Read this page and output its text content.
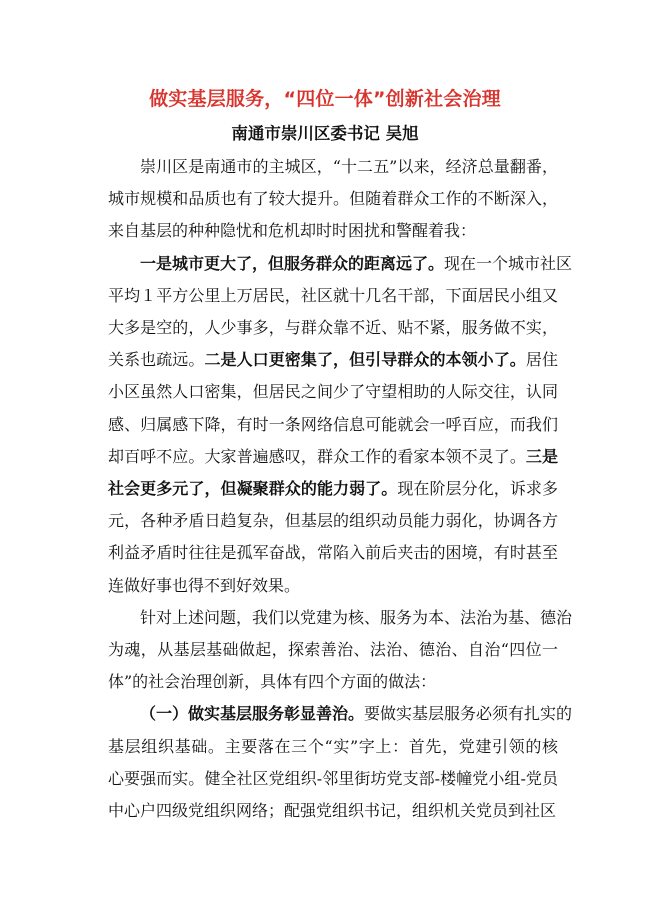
做实基层服务，“四位一体”创新社会治理
南通市崇川区委书记 吴旭

崇川区是南通市的主城区，“十二五”以来，经济总量翻番，
城市规模和品质也有了较大提升。但随着群众工作的不断深入，
来自基层的种种隐忧和危机却时时困扰和警醒着我：

一是城市更大了，但服务群众的距离远了。现在一个城市社区
平均１平方公里上万居民，社区就十几名干部，下面居民小组又
大多是空的，人少事多，与群众靠不近、贴不紧，服务做不实，
关系也疏远。二是人口更密集了，但引导群众的本领小了。居住
小区虽然人口密集，但居民之间少了守望相助的人际交往，认同
感、归属感下降，有时一条网络信息可能就会一呼百应，而我们
却百呼不应。大家普遍感叹，群众工作的看家本领不灵了。三是
社会更多元了，但凝聚群众的能力弱了。现在阶层分化，诉求多
元，各种矛盾日趋复杂，但基层的组织动员能力弱化，协调各方
利益矛盾时往往是孤军奋战，常陷入前后夹击的困境，有时甚至
连做好事也得不到好效果。

针对上述问题，我们以党建为核、服务为本、法治为基、德治
为魂，从基层基础做起，探索善治、法治、德治、自治“四位一
体”的社会治理创新，具体有四个方面的做法：

（一）做实基层服务彰显善治。要做实基层服务必须有扎实的
基层组织基础。主要落在三个“实”字上：首先，党建引领的核
心要强而实。健全社区党组织-邻里街坊党支部-楼幢党小组-党员
中心户四级党组织网络；配强党组织书记，组织机关党员到社区
